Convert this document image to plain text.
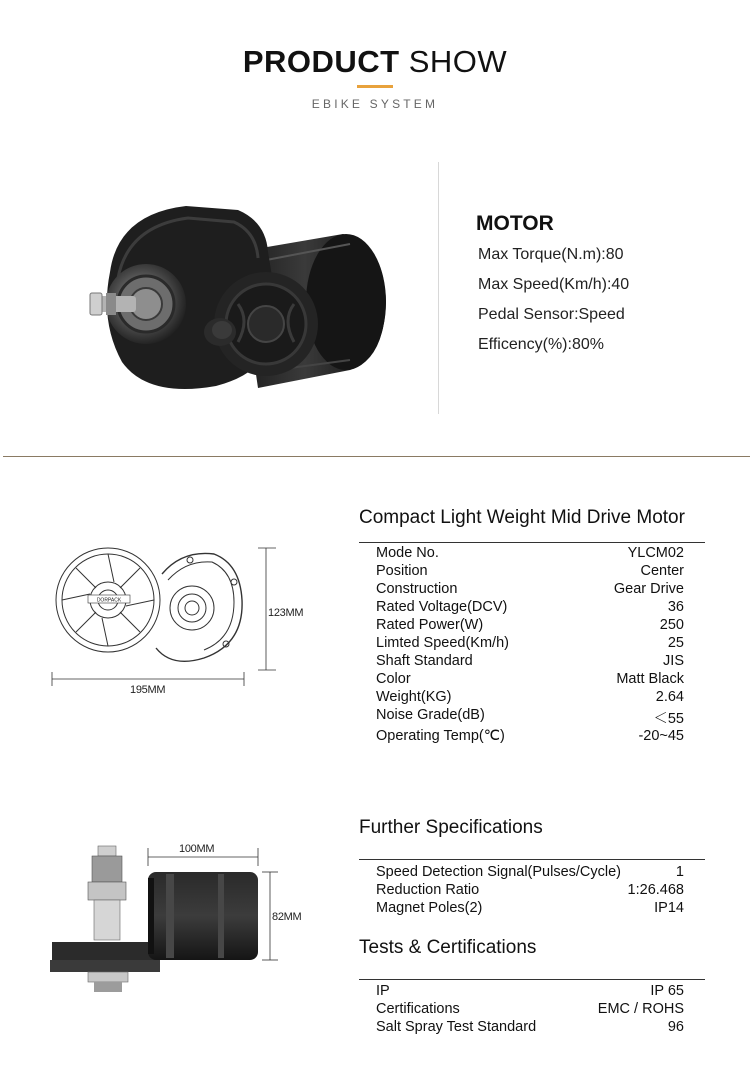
PRODUCT SHOW
EBIKE SYSTEM
MOTOR
Max Torque(N.m):80
Max Speed(Km/h):40
Pedal Sensor:Speed
Efficency(%):80%
DORPACK
123MM
195MM
Compact Light Weight Mid Drive Motor
Mode No.	YLCM02
Position	Center
Construction	Gear Drive
Rated Voltage(DCV)	36
Rated Power(W)	250
Limted Speed(Km/h)	25
Shaft Standard	JIS
Color	Matt Black
Weight(KG)	2.64
Noise Grade(dB)	＜55
Operating Temp(℃)	-20~45
100MM
82MM
Further Specifications
Speed Detection Signal(Pulses/Cycle)	1
Reduction Ratio	1:26.468
Magnet Poles(2)	IP14
Tests & Certifications
IP	IP 65
Certifications	EMC / ROHS
Salt Spray Test Standard	96
